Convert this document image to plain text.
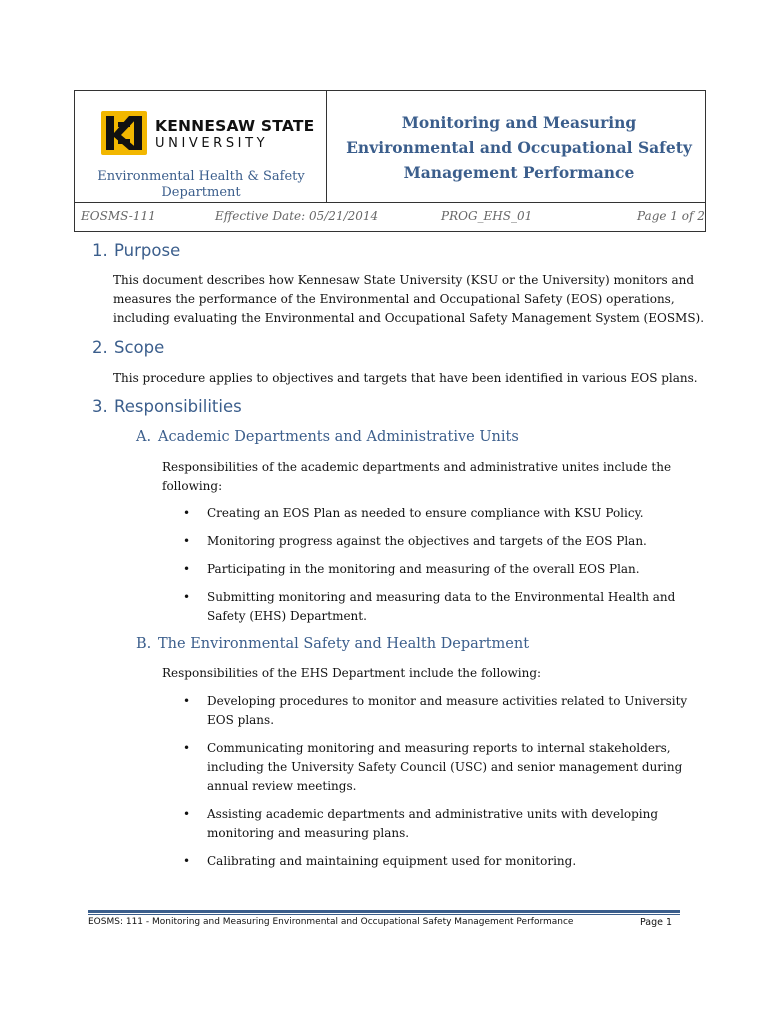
KENNESAW STATE
UNIVERSITY
Environmental Health & Safety Department
Monitoring and Measuring Environmental and Occupational Safety Management Performance
EOSMS-111	Effective Date: 05/21/2014	PROG_EHS_01	Page 1 of 2
1. Purpose
This document describes how Kennesaw State University (KSU or the University) monitors and measures the performance of the Environmental and Occupational Safety (EOS) operations, including evaluating the Environmental and Occupational Safety Management System (EOSMS).
2. Scope
This procedure applies to objectives and targets that have been identified in various EOS plans.
3. Responsibilities
A. Academic Departments and Administrative Units
Responsibilities of the academic departments and administrative unites include the following:
• Creating an EOS Plan as needed to ensure compliance with KSU Policy.
• Monitoring progress against the objectives and targets of the EOS Plan.
• Participating in the monitoring and measuring of the overall EOS Plan.
• Submitting monitoring and measuring data to the Environmental Health and Safety (EHS) Department.
B. The Environmental Safety and Health Department
Responsibilities of the EHS Department include the following:
• Developing procedures to monitor and measure activities related to University EOS plans.
• Communicating monitoring and measuring reports to internal stakeholders, including the University Safety Council (USC) and senior management during annual review meetings.
• Assisting academic departments and administrative units with developing monitoring and measuring plans.
• Calibrating and maintaining equipment used for monitoring.
EOSMS: 111 - Monitoring and Measuring Environmental and Occupational Safety Management Performance	Page 1
